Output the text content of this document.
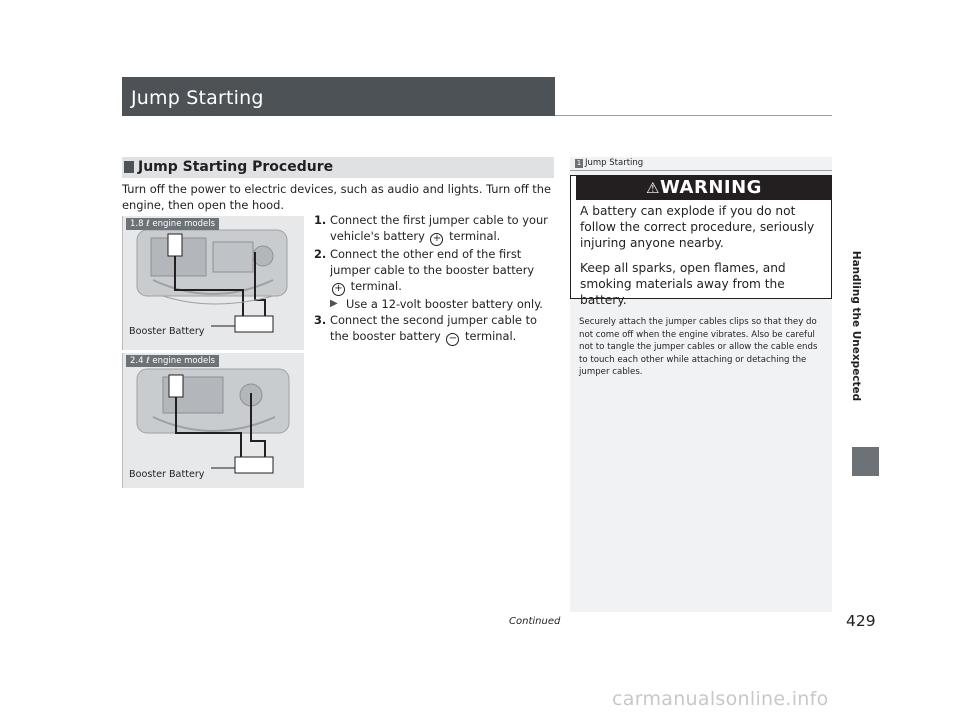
Jump Starting
Jump Starting Procedure
Turn off the power to electric devices, such as audio and lights. Turn off the engine, then open the hood.
1. Connect the first jumper cable to your vehicle's battery + terminal.
2. Connect the other end of the first jumper cable to the booster battery + terminal.
▶ Use a 12-volt booster battery only.
3. Connect the second jumper cable to the booster battery − terminal.
1.8 ℓ engine models
Booster Battery
2.4 ℓ engine models
Booster Battery
1 Jump Starting
⚠WARNING
A battery can explode if you do not follow the correct procedure, seriously injuring anyone nearby.
Keep all sparks, open flames, and smoking materials away from the battery.
Securely attach the jumper cables clips so that they do not come off when the engine vibrates. Also be careful not to tangle the jumper cables or allow the cable ends to touch each other while attaching or detaching the jumper cables.	Handling the Unexpected
Continued	429
carmanualsonline.info
